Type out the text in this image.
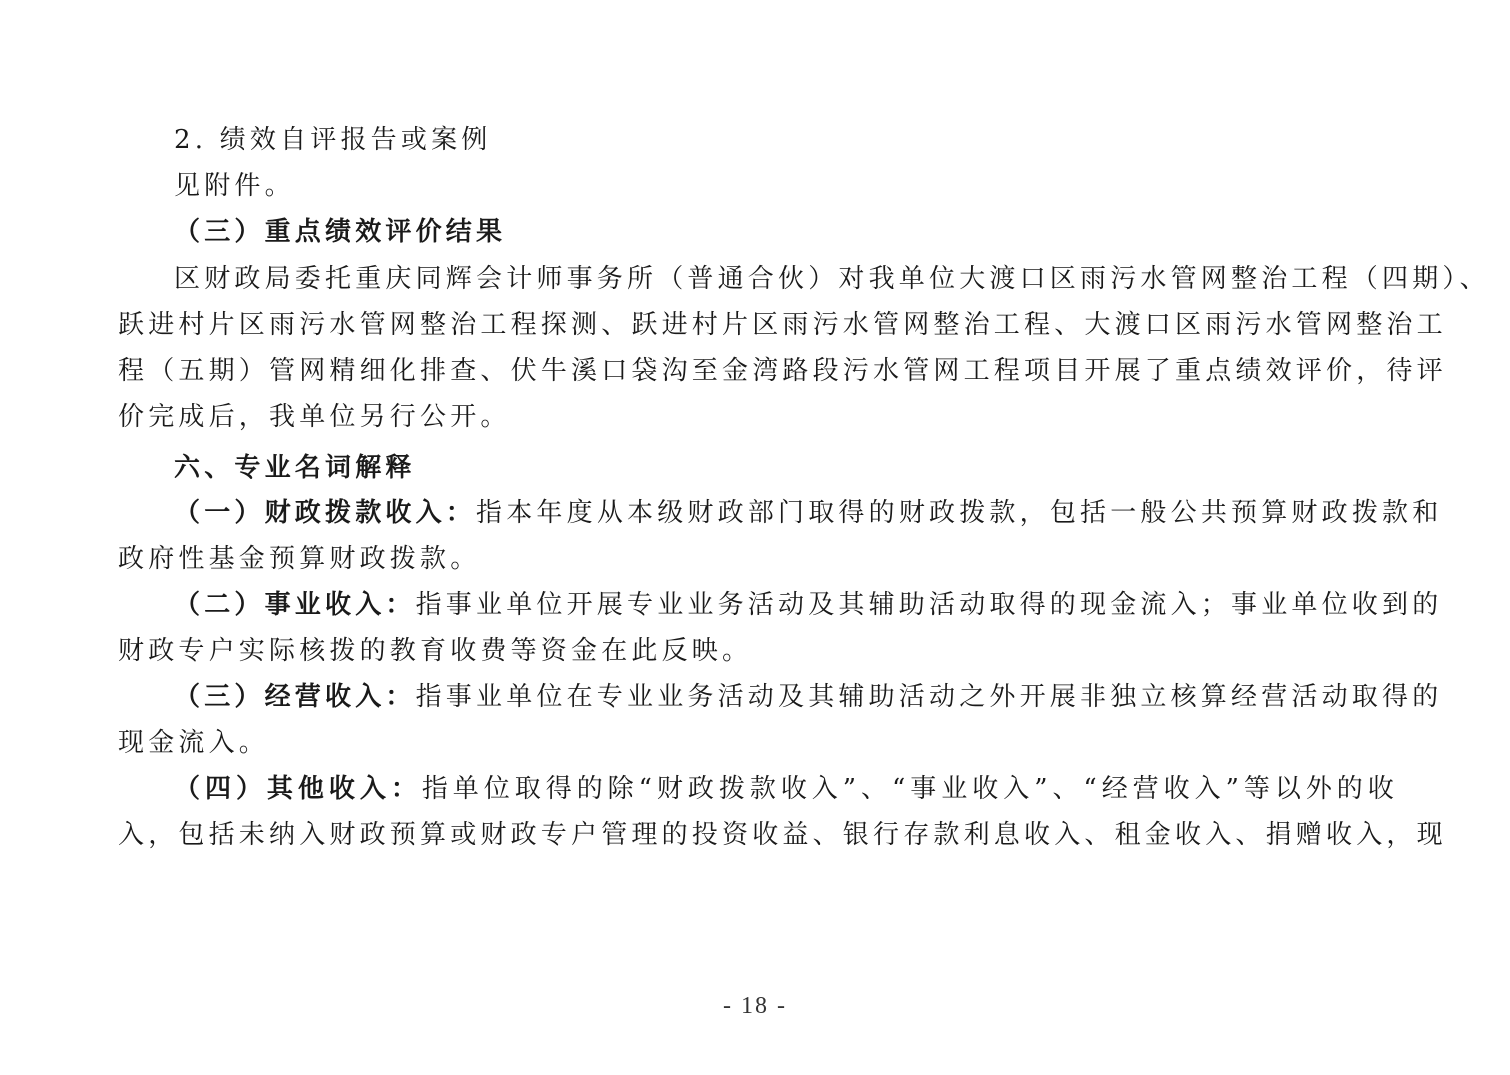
2. 绩效自评报告或案例
见附件。
（三）重点绩效评价结果
区财政局委托重庆同辉会计师事务所（普通合伙）对我单位大渡口区雨污水管网整治工程（四期）、
跃进村片区雨污水管网整治工程探测、跃进村片区雨污水管网整治工程、大渡口区雨污水管网整治工
程（五期）管网精细化排查、伏牛溪口袋沟至金湾路段污水管网工程项目开展了重点绩效评价，待评
价完成后，我单位另行公开。
六、专业名词解释
（一）财政拨款收入：指本年度从本级财政部门取得的财政拨款，包括一般公共预算财政拨款和
政府性基金预算财政拨款。
（二）事业收入：指事业单位开展专业业务活动及其辅助活动取得的现金流入；事业单位收到的
财政专户实际核拨的教育收费等资金在此反映。
（三）经营收入：指事业单位在专业业务活动及其辅助活动之外开展非独立核算经营活动取得的
现金流入。
（四）其他收入：指单位取得的除“财政拨款收入”、“事业收入”、“经营收入”等以外的收
入，包括未纳入财政预算或财政专户管理的投资收益、银行存款利息收入、租金收入、捐赠收入，现
- 18 -
